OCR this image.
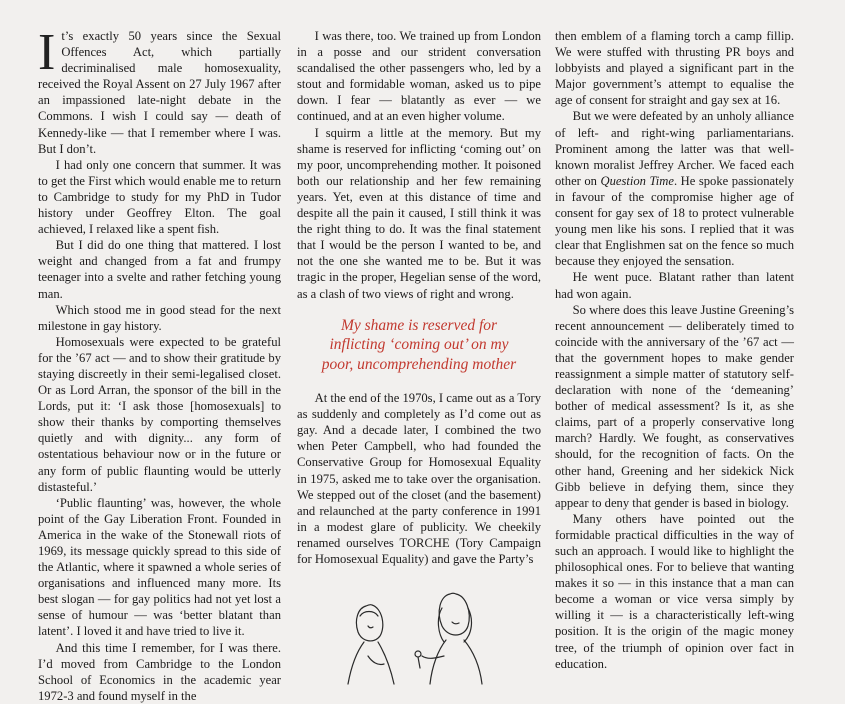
It’s exactly 50 years since the Sexual Offences Act, which partially decriminalised male homosexuality, received the Royal Assent on 27 July 1967 after an impassioned late-night debate in the Commons. I wish I could say — death of Kennedy-like — that I remember where I was. But I don’t.

I had only one concern that summer. It was to get the First which would enable me to return to Cambridge to study for my PhD in Tudor history under Geoffrey Elton. The goal achieved, I relaxed like a spent fish.

But I did do one thing that mattered. I lost weight and changed from a fat and frumpy teenager into a svelte and rather fetching young man.

Which stood me in good stead for the next milestone in gay history.

Homosexuals were expected to be grateful for the ’67 act — and to show their gratitude by staying discreetly in their semi-legalised closet. Or as Lord Arran, the sponsor of the bill in the Lords, put it: ‘I ask those [homosexuals] to show their thanks by comporting themselves quietly and with dignity... any form of ostentatious behaviour now or in the future or any form of public flaunting would be utterly distasteful.’

‘Public flaunting’ was, however, the whole point of the Gay Liberation Front. Founded in America in the wake of the Stonewall riots of 1969, its message quickly spread to this side of the Atlantic, where it spawned a whole series of organisations and influenced many more. Its best slogan — for gay politics had not yet lost a sense of humour — was ‘better blatant than latent’. I loved it and have tried to live it.

And this time I remember, for I was there. I’d moved from Cambridge to the London School of Economics in the academic year 1972-3 and found myself in the

I was there, too. We trained up from London in a posse and our strident conversation scandalised the other passengers who, led by a stout and formidable woman, asked us to pipe down. I fear — blatantly as ever — we continued, and at an even higher volume.

I squirm a little at the memory. But my shame is reserved for inflicting ‘coming out’ on my poor, uncomprehending mother. It poisoned both our relationship and her few remaining years. Yet, even at this distance of time and despite all the pain it caused, I still think it was the right thing to do. It was the final statement that I would be the person I wanted to be, and not the one she wanted me to be. But it was tragic in the proper, Hegelian sense of the word, as a clash of two views of right and wrong.

My shame is reserved for
inflicting ‘coming out’ on my
poor, uncomprehending mother

At the end of the 1970s, I came out as a Tory as suddenly and completely as I’d come out as gay. And a decade later, I combined the two when Peter Campbell, who had founded the Conservative Group for Homosexual Equality in 1975, asked me to take over the organisation. We stepped out of the closet (and the basement) and relaunched at the party conference in 1991 in a modest glare of publicity. We cheekily renamed ourselves TORCHE (Tory Campaign for Homosexual Equality) and gave the Party’s

then emblem of a flaming torch a camp fillip. We were stuffed with thrusting PR boys and lobbyists and played a significant part in the Major government’s attempt to equalise the age of consent for straight and gay sex at 16.

But we were defeated by an unholy alliance of left- and right-wing parliamentarians. Prominent among the latter was that well-known moralist Jeffrey Archer. We faced each other on Question Time. He spoke passionately in favour of the compromise higher age of consent for gay sex of 18 to protect vulnerable young men like his sons. I replied that it was clear that Englishmen sat on the fence so much because they enjoyed the sensation.

He went puce. Blatant rather than latent had won again.

So where does this leave Justine Greening’s recent announcement — deliberately timed to coincide with the anniversary of the ’67 act — that the government hopes to make gender reassignment a simple matter of statutory self-declaration with none of the ‘demeaning’ bother of medical assessment? Is it, as she claims, part of a properly conservative long march? Hardly. We fought, as conservatives should, for the recognition of facts. On the other hand, Greening and her sidekick Nick Gibb believe in defying them, since they appear to deny that gender is based in biology.

Many others have pointed out the formidable practical difficulties in the way of such an approach. I would like to highlight the philosophical ones. For to believe that wanting makes it so — in this instance that a man can become a woman or vice versa simply by willing it — is a characteristically left-wing position. It is the origin of the magic money tree, of the triumph of opinion over fact in education.
